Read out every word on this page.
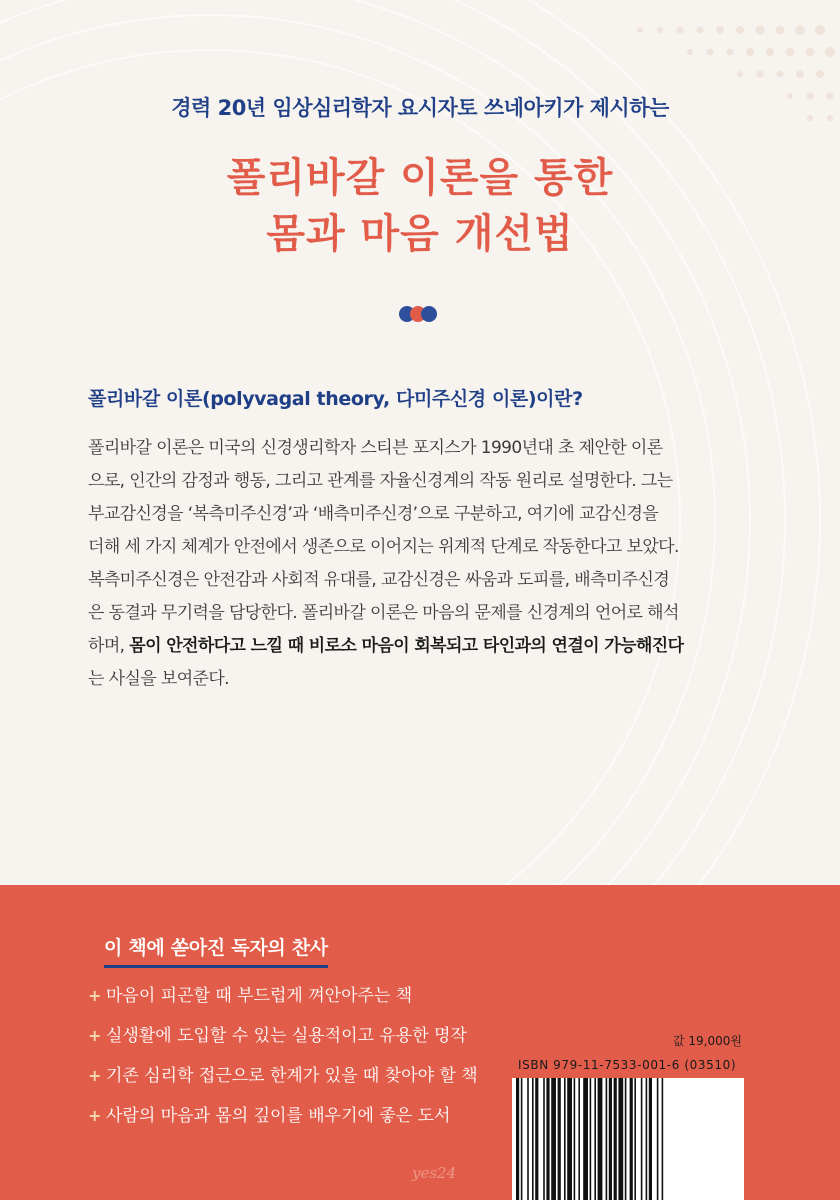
경력 20년 임상심리학자 요시자토 쓰네아키가 제시하는
폴리바갈 이론을 통한
몸과 마음 개선법
폴리바갈 이론(polyvagal theory, 다미주신경 이론)이란?

폴리바갈 이론은 미국의 신경생리학자 스티븐 포지스가 1990년대 초 제안한 이론

으로, 인간의 감정과 행동, 그리고 관계를 자율신경계의 작동 원리로 설명한다. 그는

부교감신경을 ‘복측미주신경’과 ‘배측미주신경’으로 구분하고, 여기에 교감신경을

더해 세 가지 체계가 안전에서 생존으로 이어지는 위계적 단계로 작동한다고 보았다.

복측미주신경은 안전감과 사회적 유대를, 교감신경은 싸움과 도피를, 배측미주신경

은 동결과 무기력을 담당한다. 폴리바갈 이론은 마음의 문제를 신경계의 언어로 해석

하며, 몸이 안전하다고 느낄 때 비로소 마음이 회복되고 타인과의 연결이 가능해진다

는 사실을 보여준다.

이 책에 쏟아진 독자의 찬사
+ 마음이 피곤할 때 부드럽게 껴안아주는 책
+ 실생활에 도입할 수 있는 실용적이고 유용한 명작
+ 기존 심리학 접근으로 한계가 있을 때 찾아야 할 책
+ 사람의 마음과 몸의 깊이를 배우기에 좋은 도서
값 19,000원
ISBN 979-11-7533-001-6 (03510)
yes24
